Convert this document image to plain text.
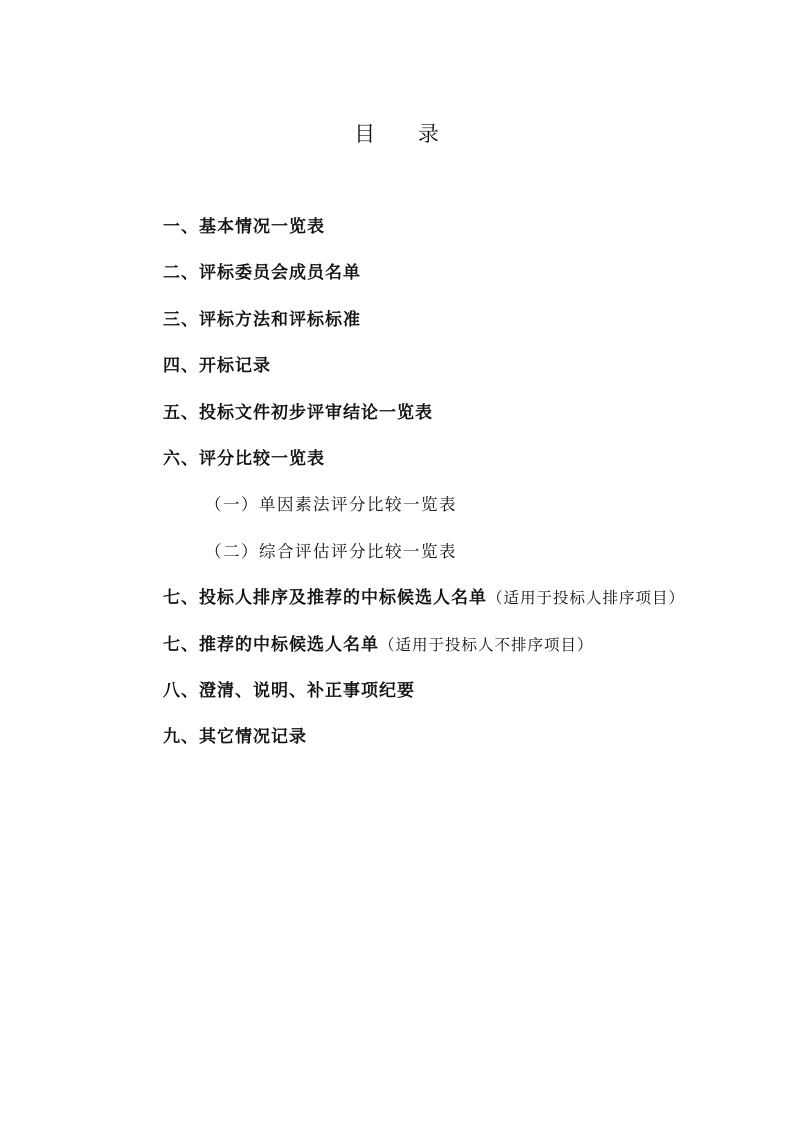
目 录
一、基本情况一览表
二、评标委员会成员名单
三、评标方法和评标标准
四、开标记录
五、投标文件初步评审结论一览表
六、评分比较一览表
（一）单因素法评分比较一览表
（二）综合评估评分比较一览表
七、投标人排序及推荐的中标候选人名单（适用于投标人排序项目）
七、推荐的中标候选人名单（适用于投标人不排序项目）
八、澄清、说明、补正事项纪要
九、其它情况记录
